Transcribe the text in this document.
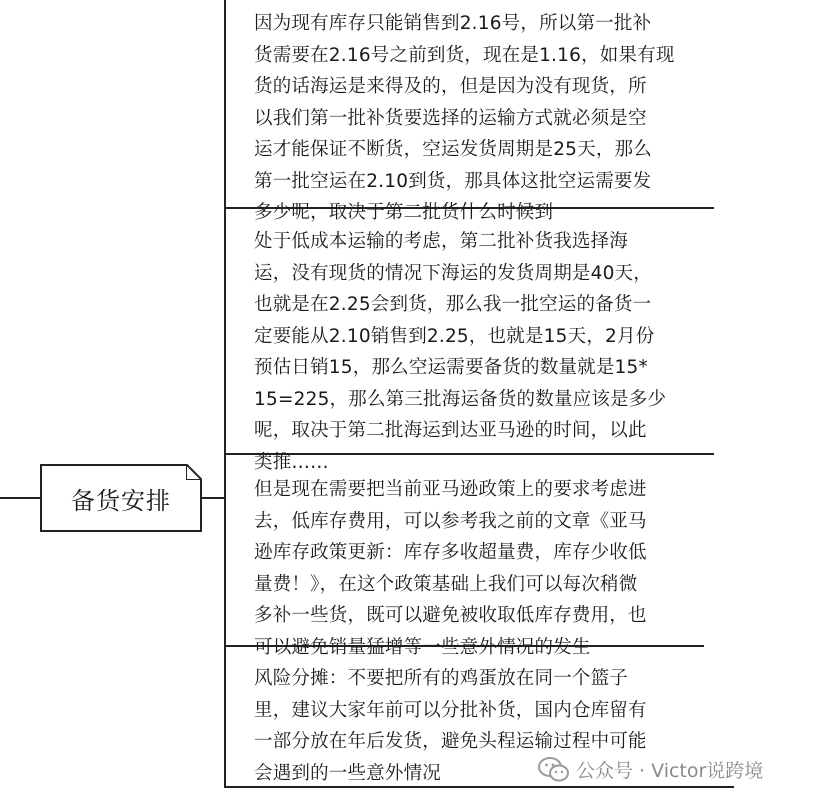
备货安排
因为现有库存只能销售到2.16号，所以第一批补
货需要在2.16号之前到货，现在是1.16，如果有现
货的话海运是来得及的，但是因为没有现货，所
以我们第一批补货要选择的运输方式就必须是空
运才能保证不断货，空运发货周期是25天，那么
第一批空运在2.10到货，那具体这批空运需要发
多少呢，取决于第二批货什么时候到
处于低成本运输的考虑，第二批补货我选择海
运，没有现货的情况下海运的发货周期是40天，
也就是在2.25会到货，那么我一批空运的备货一
定要能从2.10销售到2.25，也就是15天，2月份
预估日销15，那么空运需要备货的数量就是15*
15=225，那么第三批海运备货的数量应该是多少
呢，取决于第二批海运到达亚马逊的时间，以此
类推……
但是现在需要把当前亚马逊政策上的要求考虑进
去，低库存费用，可以参考我之前的文章《亚马
逊库存政策更新：库存多收超量费，库存少收低
量费！》，在这个政策基础上我们可以每次稍微
多补一些货，既可以避免被收取低库存费用，也
可以避免销量猛增等一些意外情况的发生
风险分摊：不要把所有的鸡蛋放在同一个篮子
里，建议大家年前可以分批补货，国内仓库留有
一部分放在年后发货，避免头程运输过程中可能
会遇到的一些意外情况	公众号 · Victor说跨境
